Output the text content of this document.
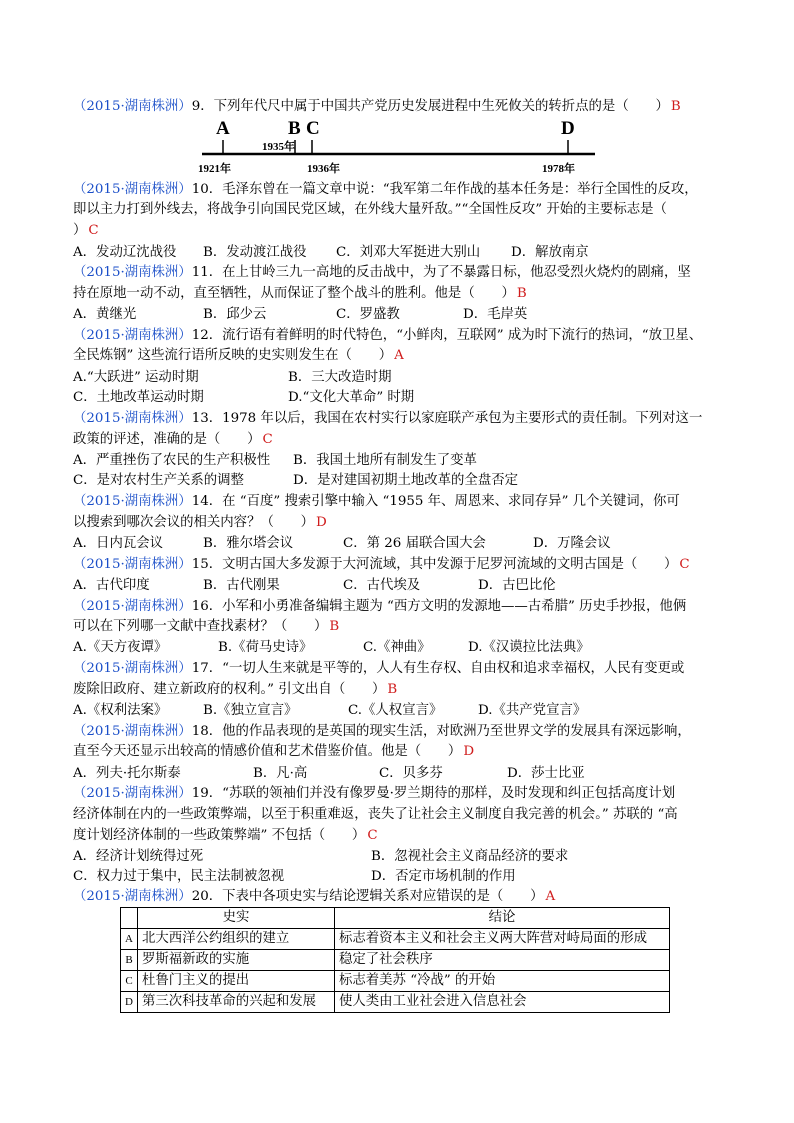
（2015·湖南株洲）9．下列年代尺中属于中国共产党历史发展进程中生死攸关的转折点的是（　　） B
A	B C	D
1921年
1935年
1936年	1978年
（2015·湖南株洲）10．毛泽东曾在一篇文章中说：“我军第二年作战的基本任务是：举行全国性的反攻，
即以主力打到外线去，将战争引向国民党区域，在外线大量歼敌。”“全国性反攻” 开始的主要标志是（
） C
A．发动辽沈战役 B．发动渡江战役 C．刘邓大军挺进大别山 D．解放南京
（2015·湖南株洲）11．在上甘岭三九一高地的反击战中，为了不暴露日标，他忍受烈火烧灼的剧痛，坚
持在原地一动不动，直至牺牲，从而保证了整个战斗的胜利。他是（　　） B
A．黄继光	B．邱少云	C．罗盛教	D．毛岸英
（2015·湖南株洲）12．流行语有着鲜明的时代特色，“小鲜肉，互联网” 成为时下流行的热词，“放卫星、
全民炼钢” 这些流行语所反映的史实则发生在（　　） A
A.“大跃进” 运动时期	B．三大改造时期
C．土地改革运动时期	D.“文化大革命” 时期
（2015·湖南株洲）13．1978 年以后，我国在农村实行以家庭联产承包为主要形式的责任制。下列对这一
政策的评述，准确的是（　　） C
A．严重挫伤了农民的生产积极性 B．我国土地所有制发生了变革
C．是对农村生产关系的调整	D．是对建国初期土地改革的全盘否定
（2015·湖南株洲）14．在 “百度” 搜索引擎中输入 “1955 年、周恩来、求同存异” 几个关键词，你可
以搜索到哪次会议的相关内容？（　　） D
A．日内瓦会议	B．雅尔塔会议	C．第 26 届联合国大会	D．万隆会议
（2015·湖南株洲）15．文明古国大多发源于大河流域，其中发源于尼罗河流域的文明古国是（　　） C
A．古代印度	B．古代刚果	C．古代埃及	D．古巴比伦
（2015·湖南株洲）16．小军和小勇准备编辑主题为 “西方文明的发源地——古希腊” 历史手抄报，他俩
可以在下列哪一文献中查找素材？（　　） B
A.《天方夜谭》	B.《荷马史诗》	C.《神曲》	D.《汉谟拉比法典》
（2015·湖南株洲）17．“一切人生来就是平等的，人人有生存权、自由权和追求幸福权，人民有变更或
废除旧政府、建立新政府的权利。” 引文出自（　　） B
A.《权利法案》	B.《独立宣言》	C.《人权宣言》	D.《共产党宣言》
（2015·湖南株洲）18．他的作品表现的是英国的现实生活，对欧洲乃至世界文学的发展具有深远影响，
直至今天还显示出较高的情感价值和艺术借鉴价值。他是（　　） D
A．列夫·托尔斯泰	B．凡·高	C．贝多芬	D．莎士比亚
（2015·湖南株洲）19．“苏联的领袖们并没有像罗曼·罗兰期待的那样，及时发现和纠正包括高度计划
经济体制在内的一些政策弊端，以至于积重难返，丧失了让社会主义制度自我完善的机会。” 苏联的 “高
度计划经济体制的一些政策弊端” 不包括（　　） C
A．经济计划统得过死	B．忽视社会主义商品经济的要求
C．权力过于集中，民主法制被忽视	D．否定市场机制的作用
（2015·湖南株洲）20．下表中各项史实与结论逻辑关系对应错误的是（　　） A
	史实	结论
A	北大西洋公约组织的建立	标志着资本主义和社会主义两大阵营对峙局面的形成
B	罗斯福新政的实施	稳定了社会秩序
C	杜鲁门主义的提出	标志着美苏 “冷战” 的开始
D	第三次科技革命的兴起和发展	使人类由工业社会进入信息社会
